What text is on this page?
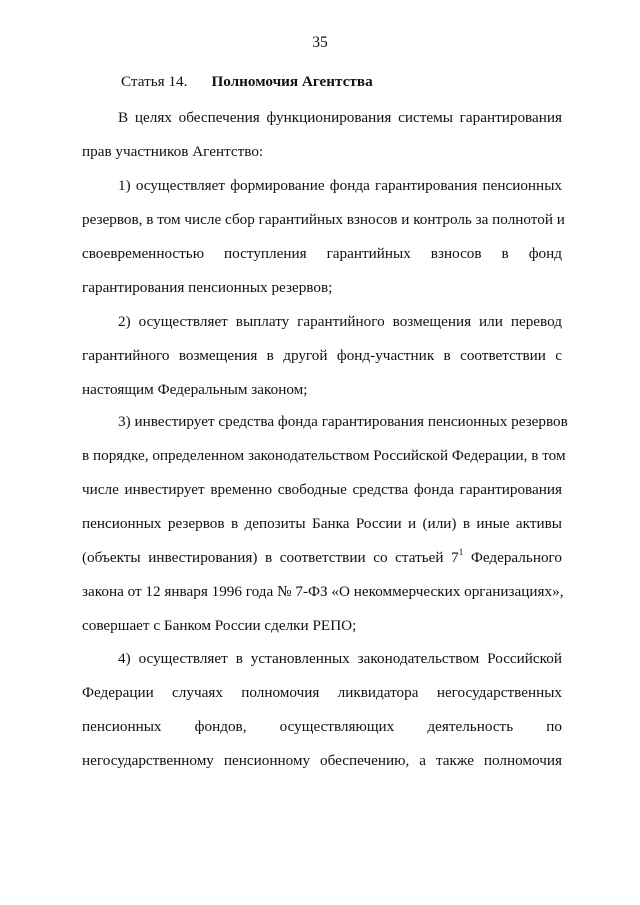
35
Статья 14. Полномочия Агентства
В целях обеспечения функционирования системы гарантирования
прав участников Агентство:
1) осуществляет формирование фонда гарантирования пенсионных
резервов, в том числе сбор гарантийных взносов и контроль за полнотой и
своевременностью поступления гарантийных взносов в фонд
гарантирования пенсионных резервов;
2) осуществляет выплату гарантийного возмещения или перевод
гарантийного возмещения в другой фонд-участник в соответствии с
настоящим Федеральным законом;
3) инвестирует средства фонда гарантирования пенсионных резервов
в порядке, определенном законодательством Российской Федерации, в том
числе инвестирует временно свободные средства фонда гарантирования
пенсионных резервов в депозиты Банка России и (или) в иные активы
(объекты инвестирования) в соответствии со статьей $7^1$ Федерального
закона от 12 января 1996 года № 7-ФЗ «О некоммерческих организациях»,
совершает с Банком России сделки РЕПО;
4) осуществляет в установленных законодательством Российской
Федерации случаях полномочия ликвидатора негосударственных
пенсионных фондов, осуществляющих деятельность по
негосударственному пенсионному обеспечению, а также полномочия
